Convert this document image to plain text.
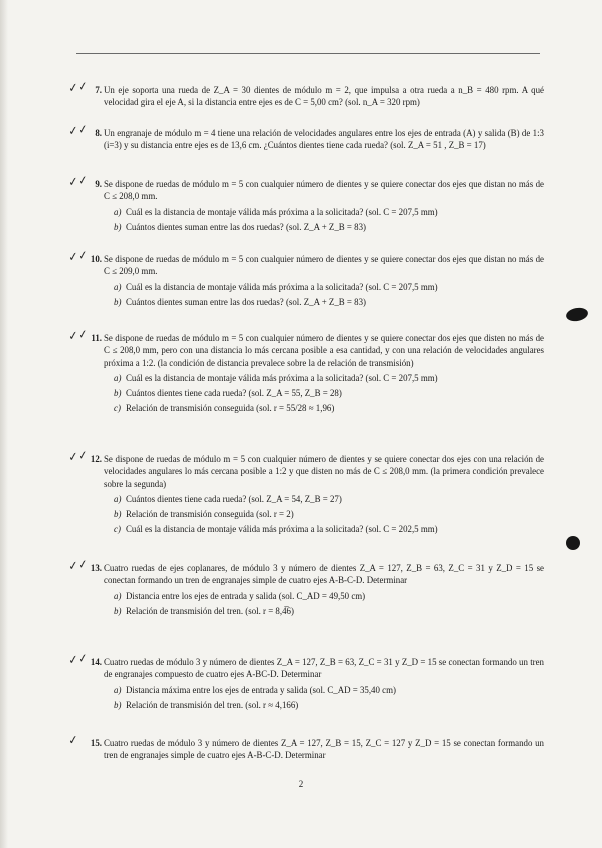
✓✓ 7. Un eje soporta una rueda de Z_A = 30 dientes de módulo m = 2, que impulsa a otra rueda a n_B = 480 rpm. A qué velocidad gira el eje A, si la distancia entre ejes es de C = 5,00 cm? (sol. n_A = 320 rpm)
✓✓ 8. Un engranaje de módulo m = 4 tiene una relación de velocidades angulares entre los ejes de entrada (A) y salida (B) de 1:3 (i=3) y su distancia entre ejes es de 13,6 cm. ¿Cuántos dientes tiene cada rueda? (sol. Z_A = 51 , Z_B = 17)
✓✓ 9. Se dispone de ruedas de módulo m = 5 con cualquier número de dientes y se quiere conectar dos ejes que distan no más de C ≤ 208,0 mm.
a) Cuál es la distancia de montaje válida más próxima a la solicitada? (sol. C = 207,5 mm)
b) Cuántos dientes suman entre las dos ruedas? (sol. Z_A + Z_B = 83)
✓✓ 10. Se dispone de ruedas de módulo m = 5 con cualquier número de dientes y se quiere conectar dos ejes que distan no más de C ≤ 209,0 mm.
a) Cuál es la distancia de montaje válida más próxima a la solicitada? (sol. C = 207,5 mm)
b) Cuántos dientes suman entre las dos ruedas? (sol. Z_A + Z_B = 83)
✓✓ 11. Se dispone de ruedas de módulo m = 5 con cualquier número de dientes y se quiere conectar dos ejes que disten no más de C ≤ 208,0 mm, pero con una distancia lo más cercana posible a esa cantidad, y con una relación de velocidades angulares próxima a 1:2. (la condición de distancia prevalece sobre la de relación de transmisión)
a) Cuál es la distancia de montaje válida más próxima a la solicitada? (sol. C = 207,5 mm)
b) Cuántos dientes tiene cada rueda? (sol. Z_A = 55, Z_B = 28)
c) Relación de transmisión conseguida (sol. r = 55/28 ≈ 1,96)
✓✓ 12. Se dispone de ruedas de módulo m = 5 con cualquier número de dientes y se quiere conectar dos ejes con una relación de velocidades angulares lo más cercana posible a 1:2 y que disten no más de C ≤ 208,0 mm. (la primera condición prevalece sobre la segunda)
a) Cuántos dientes tiene cada rueda? (sol. Z_A = 54, Z_B = 27)
b) Relación de transmisión conseguida (sol. r = 2)
c) Cuál es la distancia de montaje válida más próxima a la solicitada? (sol. C = 202,5 mm)
✓✓ 13. Cuatro ruedas de ejes coplanares, de módulo 3 y número de dientes Z_A = 127, Z_B = 63, Z_C = 31 y Z_D = 15 se conectan formando un tren de engranajes simple de cuatro ejes A-B-C-D. Determinar
a) Distancia entre los ejes de entrada y salida (sol. C_AD = 49,50 cm)
b) Relación de transmisión del tren. (sol. r = 8,4̅6)
✓✓ 14. Cuatro ruedas de módulo 3 y número de dientes Z_A = 127, Z_B = 63, Z_C = 31 y Z_D = 15 se conectan formando un tren de engranajes compuesto de cuatro ejes A-BC-D. Determinar
a) Distancia máxima entre los ejes de entrada y salida (sol. C_AD = 35,40 cm)
b) Relación de transmisión del tren. (sol. r ≈ 4,166)
✓	15. Cuatro ruedas de módulo 3 y número de dientes Z_A = 127, Z_B = 15, Z_C = 127 y Z_D = 15 se conectan formando un tren de engranajes simple de cuatro ejes A-B-C-D. Determinar
2
